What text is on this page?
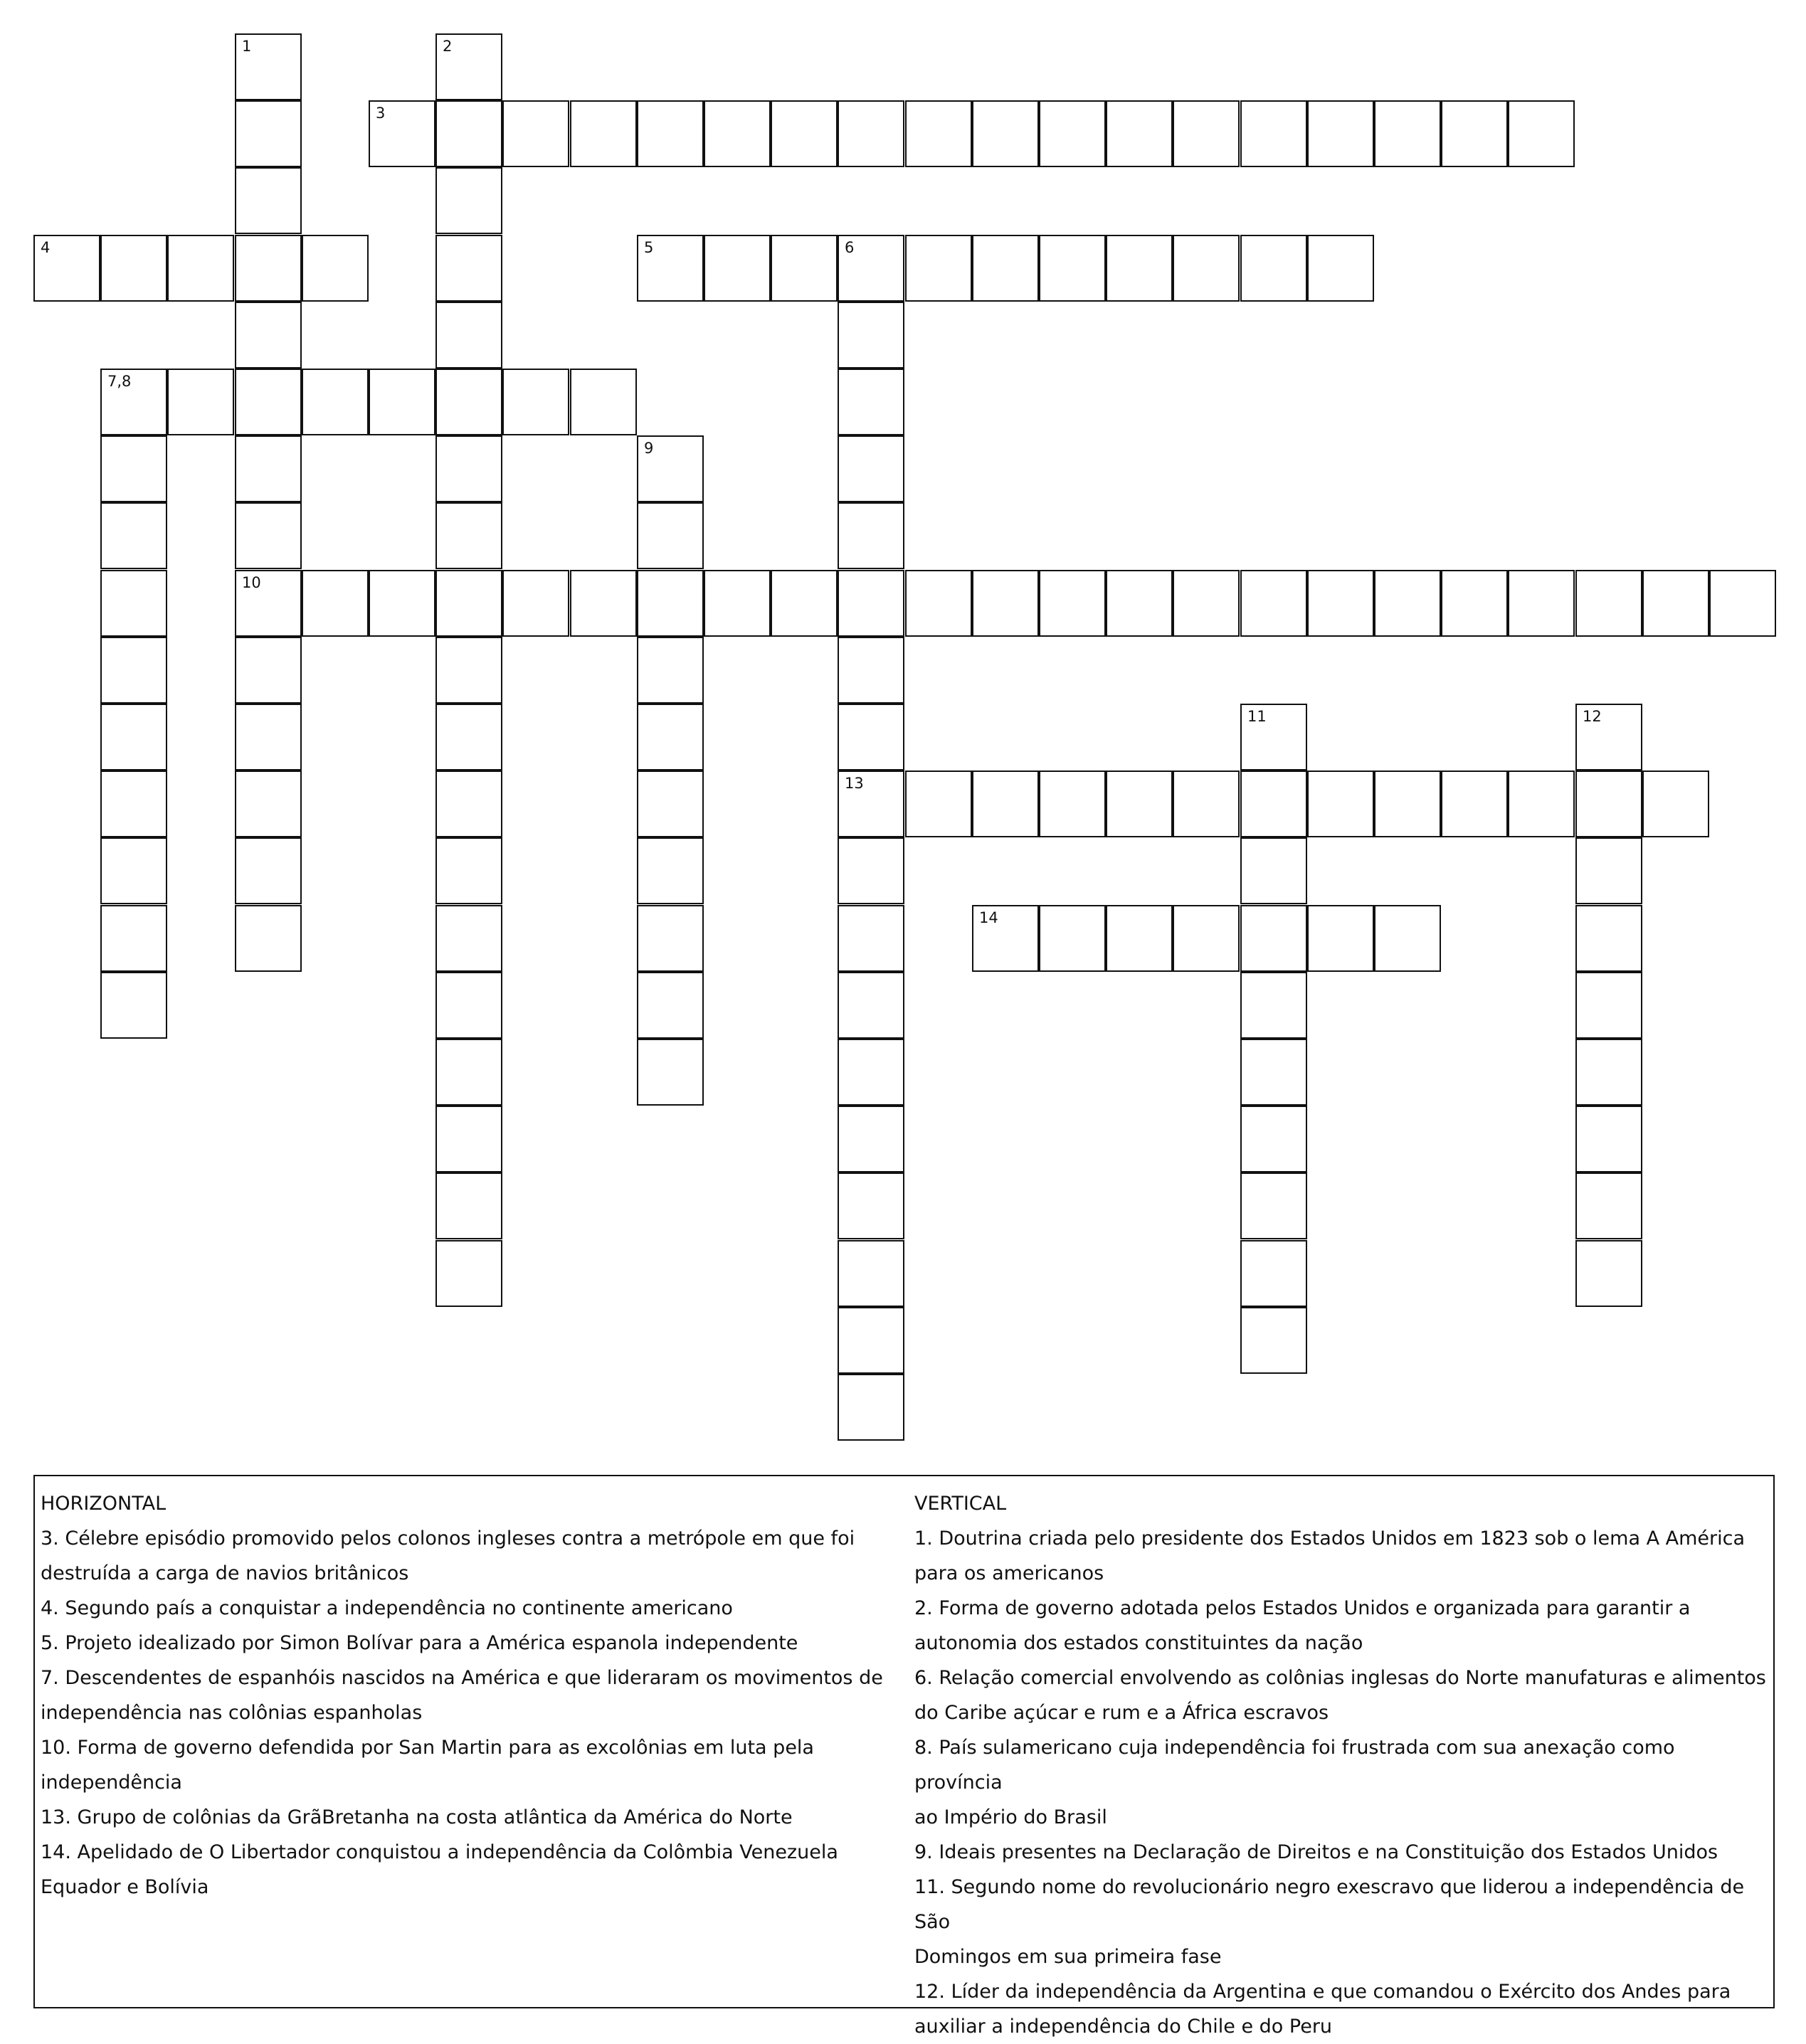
1
10
2
3
4	5	6
13
7,8
9
11	12
14

HORIZONTAL

3. Célebre episódio promovido pelos colonos ingleses contra a metrópole em que foi

destruída a carga de navios britânicos

4. Segundo país a conquistar a independência no continente americano

5. Projeto idealizado por Simon Bolívar para a América espanola independente

7. Descendentes de espanhóis nascidos na América e que lideraram os movimentos de

independência nas colônias espanholas

10. Forma de governo defendida por San Martin para as excolônias em luta pela

independência

13. Grupo de colônias da GrãBretanha na costa atlântica da América do Norte

14. Apelidado de O Libertador conquistou a independência da Colômbia Venezuela

Equador e Bolívia

VERTICAL

1. Doutrina criada pelo presidente dos Estados Unidos em 1823 sob o lema A América

para os americanos

2. Forma de governo adotada pelos Estados Unidos e organizada para garantir a

autonomia dos estados constituintes da nação

6. Relação comercial envolvendo as colônias inglesas do Norte manufaturas e alimentos

do Caribe açúcar e rum e a África escravos

8. País sulamericano cuja independência foi frustrada com sua anexação como província

ao Império do Brasil

9. Ideais presentes na Declaração de Direitos e na Constituição dos Estados Unidos

11. Segundo nome do revolucionário negro exescravo que liderou a independência de São

Domingos em sua primeira fase

12. Líder da independência da Argentina e que comandou o Exército dos Andes para

auxiliar a independência do Chile e do Peru
